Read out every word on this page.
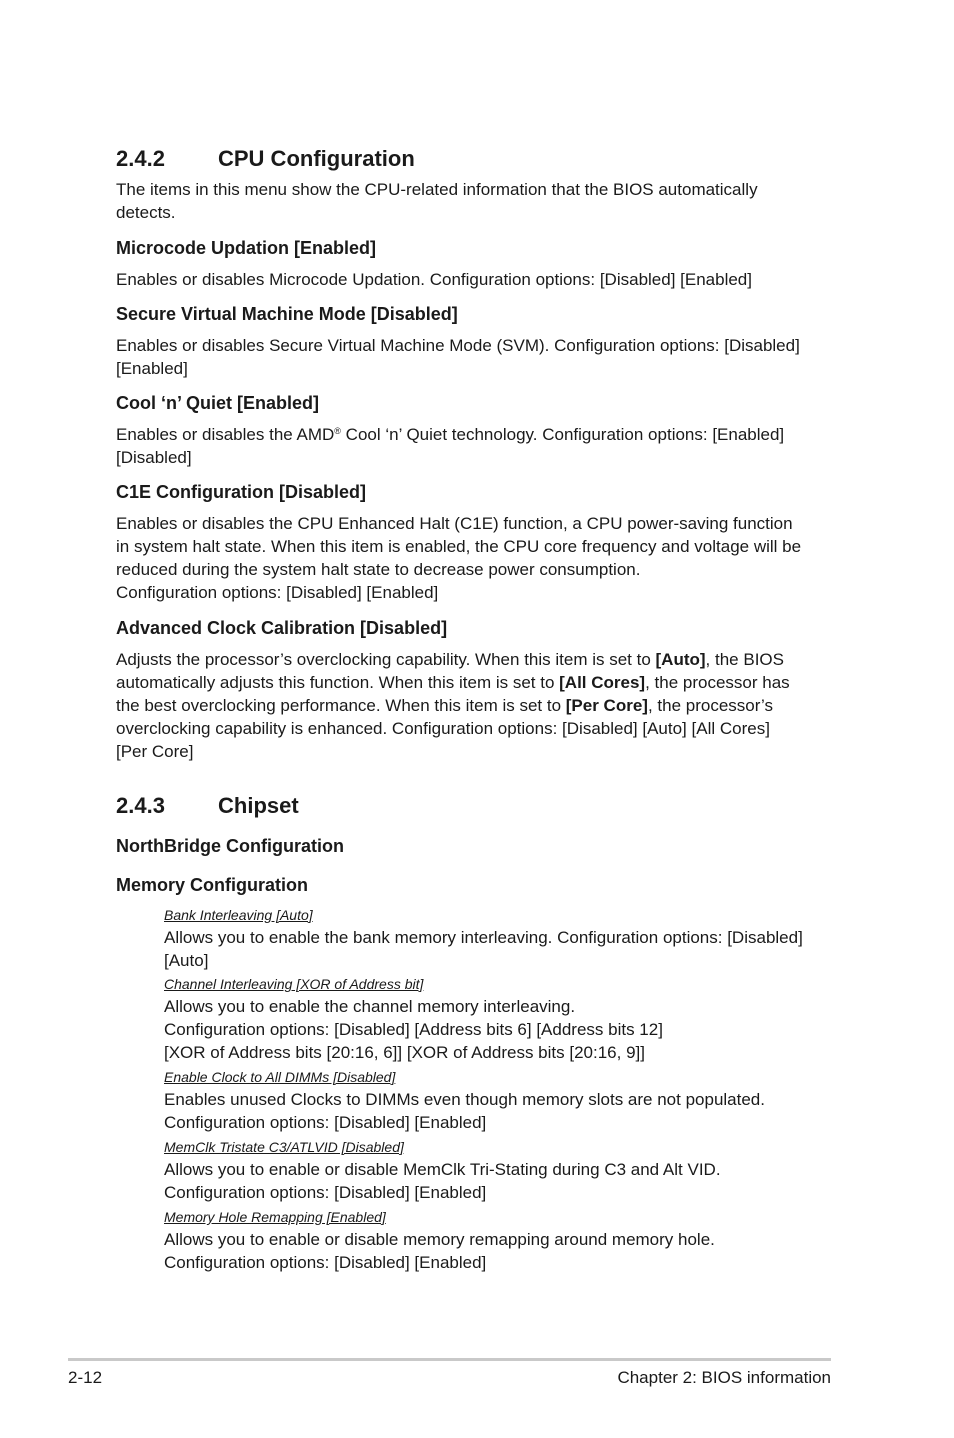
2.4.2 CPU Configuration
The items in this menu show the CPU-related information that the BIOS automatically
detects.
Microcode Updation [Enabled]
Enables or disables Microcode Updation. Configuration options: [Disabled] [Enabled]
Secure Virtual Machine Mode [Disabled]
Enables or disables Secure Virtual Machine Mode (SVM). Configuration options: [Disabled]
[Enabled]
Cool ‘n’ Quiet [Enabled]
Enables or disables the AMD® Cool ‘n’ Quiet technology. Configuration options: [Enabled]
[Disabled]
C1E Configuration [Disabled]
Enables or disables the CPU Enhanced Halt (C1E) function, a CPU power-saving function
in system halt state. When this item is enabled, the CPU core frequency and voltage will be
reduced during the system halt state to decrease power consumption.
Configuration options: [Disabled] [Enabled]
Advanced Clock Calibration [Disabled]
Adjusts the processor’s overclocking capability. When this item is set to [Auto], the BIOS
automatically adjusts this function. When this item is set to [All Cores], the processor has
the best overclocking performance. When this item is set to [Per Core], the processor’s
overclocking capability is enhanced. Configuration options: [Disabled] [Auto] [All Cores]
[Per Core]
2.4.3 Chipset
NorthBridge Configuration
Memory Configuration
Bank Interleaving [Auto]
Allows you to enable the bank memory interleaving. Configuration options: [Disabled]
[Auto]
Channel Interleaving [XOR of Address bit]
Allows you to enable the channel memory interleaving.
Configuration options: [Disabled] [Address bits 6] [Address bits 12]
[XOR of Address bits [20:16, 6]] [XOR of Address bits [20:16, 9]]
Enable Clock to All DIMMs [Disabled]
Enables unused Clocks to DIMMs even though memory slots are not populated.
Configuration options: [Disabled] [Enabled]
MemClk Tristate C3/ATLVID [Disabled]
Allows you to enable or disable MemClk Tri-Stating during C3 and Alt VID.
Configuration options: [Disabled] [Enabled]
Memory Hole Remapping [Enabled]
Allows you to enable or disable memory remapping around memory hole.
Configuration options: [Disabled] [Enabled]
2-12	Chapter 2: BIOS information
